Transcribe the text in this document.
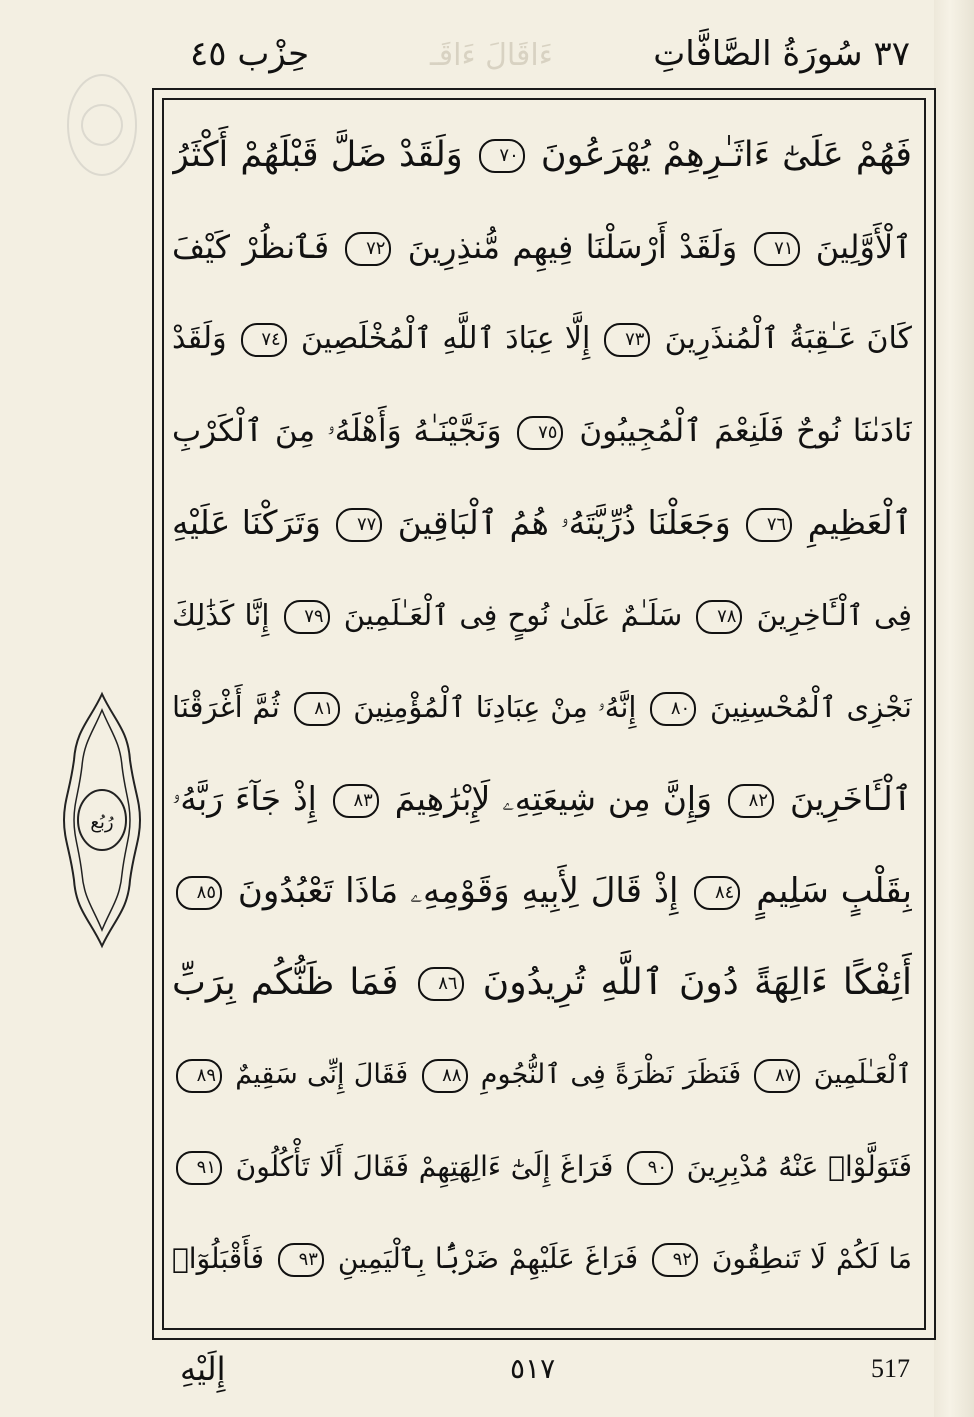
٣٧ سُورَةُ الصَّافَّاتِ
ءَاقَالَ ءَاقَـ
حِزْب ٤٥
فَهُمْ عَلَىٰٓ ءَاثَـٰرِهِمْ يُهْرَعُونَ ٧٠ وَلَقَدْ ضَلَّ قَبْلَهُمْ أَكْثَرُ
ٱلْأَوَّلِينَ ٧١ وَلَقَدْ أَرْسَلْنَا فِيهِم مُّنذِرِينَ ٧٢ فَٱنظُرْ كَيْفَ
كَانَ عَـٰقِبَةُ ٱلْمُنذَرِينَ ٧٣ إِلَّا عِبَادَ ٱللَّهِ ٱلْمُخْلَصِينَ ٧٤ وَلَقَدْ
نَادَىٰنَا نُوحٌ فَلَنِعْمَ ٱلْمُجِيبُونَ ٧٥ وَنَجَّيْنَـٰهُ وَأَهْلَهُۥ مِنَ ٱلْكَرْبِ
ٱلْعَظِيمِ ٧٦ وَجَعَلْنَا ذُرِّيَّتَهُۥ هُمُ ٱلْبَاقِينَ ٧٧ وَتَرَكْنَا عَلَيْهِ
فِى ٱلْـَٔاخِرِينَ ٧٨ سَلَـٰمٌ عَلَىٰ نُوحٍ فِى ٱلْعَـٰلَمِينَ ٧٩ إِنَّا كَذَٰلِكَ
نَجْزِى ٱلْمُحْسِنِينَ ٨٠ إِنَّهُۥ مِنْ عِبَادِنَا ٱلْمُؤْمِنِينَ ٨١ ثُمَّ أَغْرَقْنَا
ٱلْـَٔاخَرِينَ ٨٢ وَإِنَّ مِن شِيعَتِهِۦ لَإِبْرَٰهِيمَ ٨٣ إِذْ جَآءَ رَبَّهُۥ
بِقَلْبٍ سَلِيمٍ ٨٤ إِذْ قَالَ لِأَبِيهِ وَقَوْمِهِۦ مَاذَا تَعْبُدُونَ ٨٥
أَئِفْكًا ءَالِهَةً دُونَ ٱللَّهِ تُرِيدُونَ ٨٦ فَمَا ظَنُّكُم بِرَبِّ
ٱلْعَـٰلَمِينَ ٨٧ فَنَظَرَ نَظْرَةً فِى ٱلنُّجُومِ ٨٨ فَقَالَ إِنِّى سَقِيمٌ ٨٩
فَتَوَلَّوْا۟ عَنْهُ مُدْبِرِينَ ٩٠ فَرَاغَ إِلَىٰٓ ءَالِهَتِهِمْ فَقَالَ أَلَا تَأْكُلُونَ ٩١
مَا لَكُمْ لَا تَنطِقُونَ ٩٢ فَرَاغَ عَلَيْهِمْ ضَرْبًۢا بِٱلْيَمِينِ ٩٣ فَأَقْبَلُوٓا۟
رُبُع
إِلَيْهِ	٥١٧	517
